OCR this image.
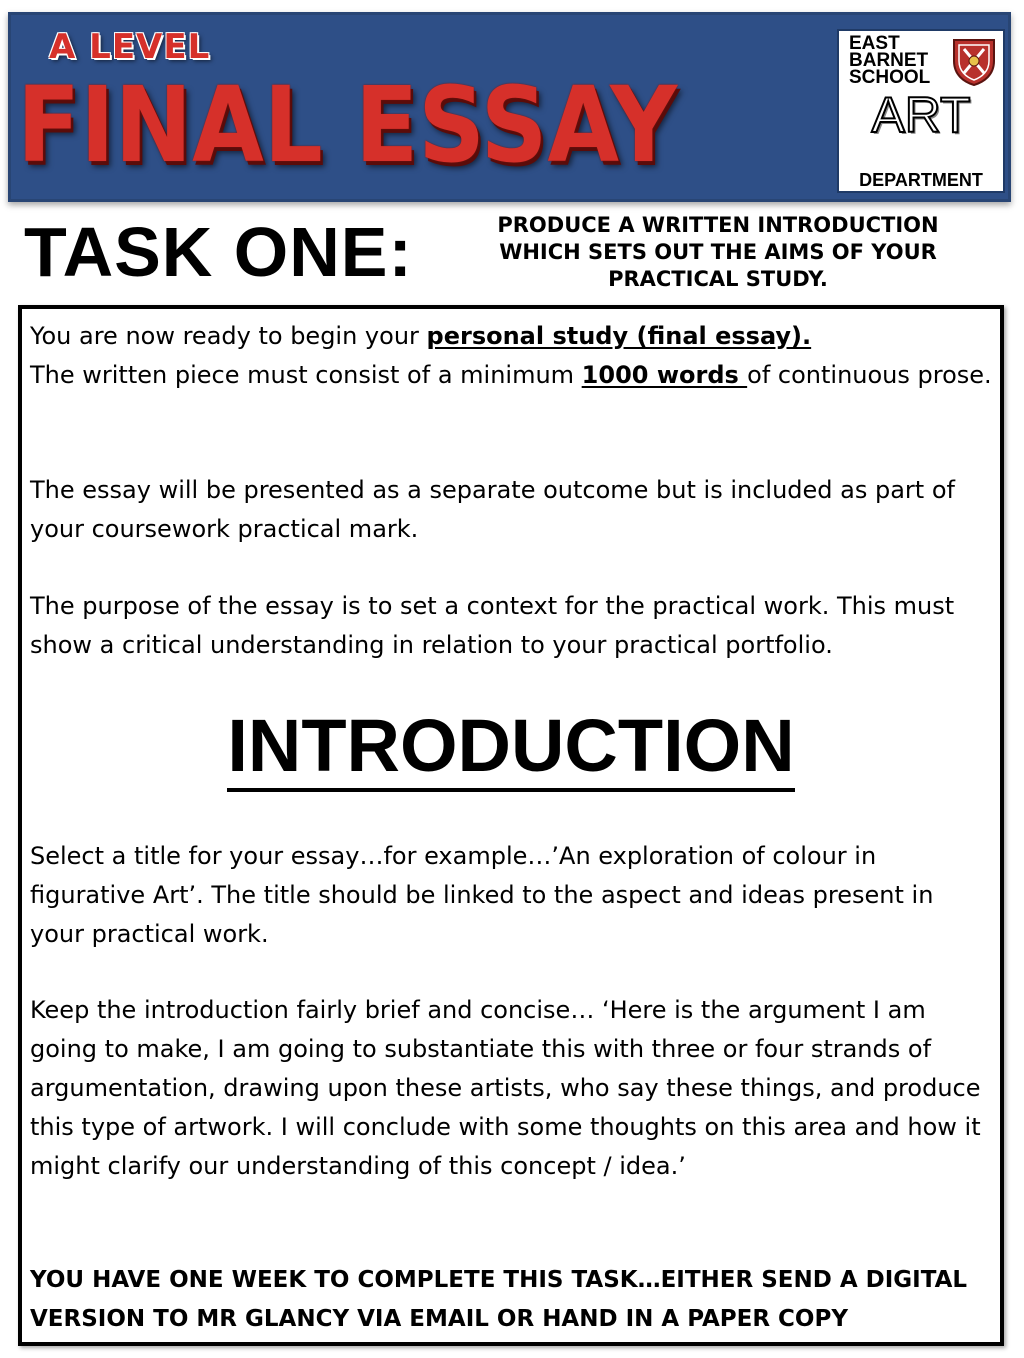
A LEVEL
FINAL ESSAY
EAST
BARNET
SCHOOL
ART
DEPARTMENT
TASK ONE:	PRODUCE A WRITTEN INTRODUCTION WHICH SETS OUT THE AIMS OF YOUR PRACTICAL STUDY.

You are now ready to begin your personal study (final essay).
The written piece must consist of a minimum 1000 words of continuous prose.

The essay will be presented as a separate outcome but is included as part of your coursework practical mark.

The purpose of the essay is to set a context for the practical work. This must show a critical understanding in relation to your practical portfolio.

INTRODUCTION

Select a title for your essay…for example…’An exploration of colour in figurative Art’. The title should be linked to the aspect and ideas present in your practical work.

Keep the introduction fairly brief and concise… ‘Here is the argument I am going to make, I am going to substantiate this with three or four strands of argumentation, drawing upon these artists, who say these things, and produce this type of artwork. I will conclude with some thoughts on this area and how it might clarify our understanding of this concept / idea.’

YOU HAVE ONE WEEK TO COMPLETE THIS TASK…EITHER SEND A DIGITAL VERSION TO MR GLANCY VIA EMAIL OR HAND IN A PAPER COPY
